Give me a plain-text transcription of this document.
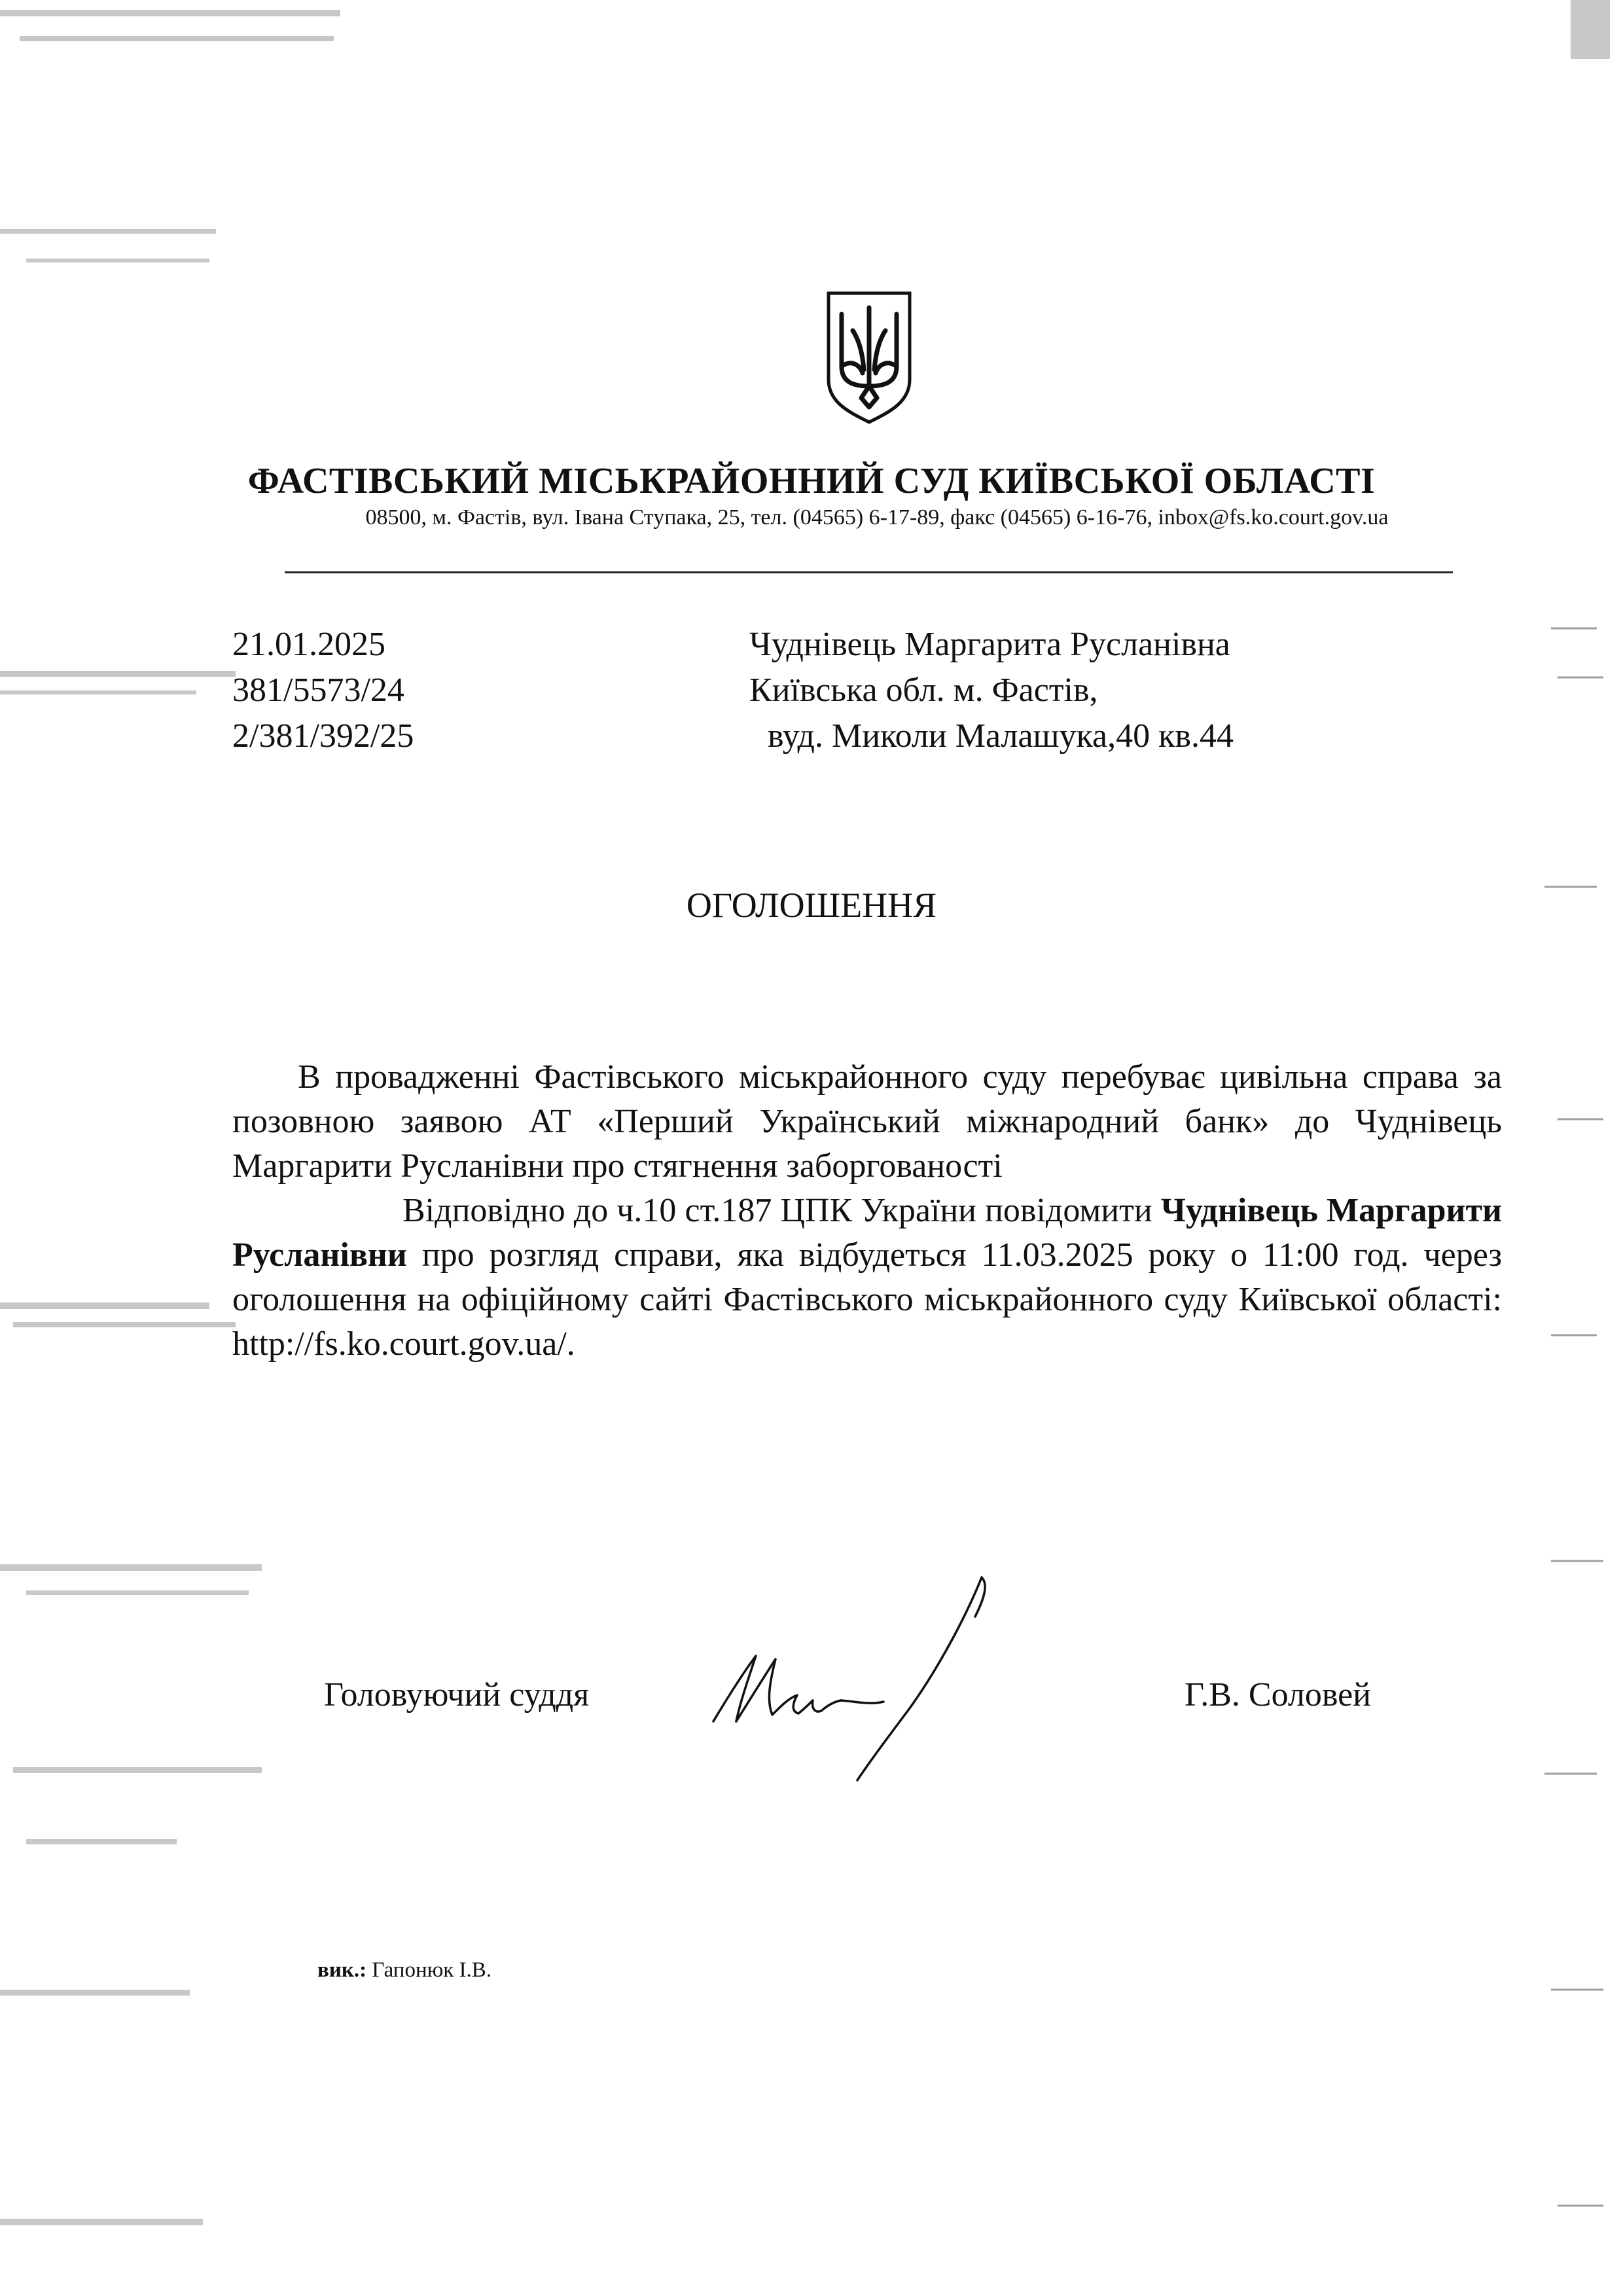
ФАСТІВСЬКИЙ МІСЬКРАЙОННИЙ СУД КИЇВСЬКОЇ ОБЛАСТІ
08500, м. Фастів, вул. Івана Ступака, 25, тел. (04565) 6-17-89, факс (04565) 6-16-76, inbox@fs.ko.court.gov.ua
21.01.2025
381/5573/24
2/381/392/25
Чуднівець Маргарита Русланівна
Київська обл. м. Фастів,
вуд. Миколи Малашука,40 кв.44
ОГОЛОШЕННЯ

В провадженні Фастівського міськрайонного суду перебуває цивільна справа за позовною заявою АТ «Перший Український міжнародний банк» до Чуднівець Маргарити Русланівни про стягнення заборгованості

Відповідно до ч.10 ст.187 ЦПК України повідомити Чуднівець Маргарити Русланівни про розгляд справи, яка відбудеться 11.03.2025 року о 11:00 год. через оголошення на офіційному сайті Фастівського міськрайонного суду Київської області: http://fs.ko.court.gov.ua/.

Головуючий суддя	Г.В. Соловей
вик.: Гапонюк І.В.
